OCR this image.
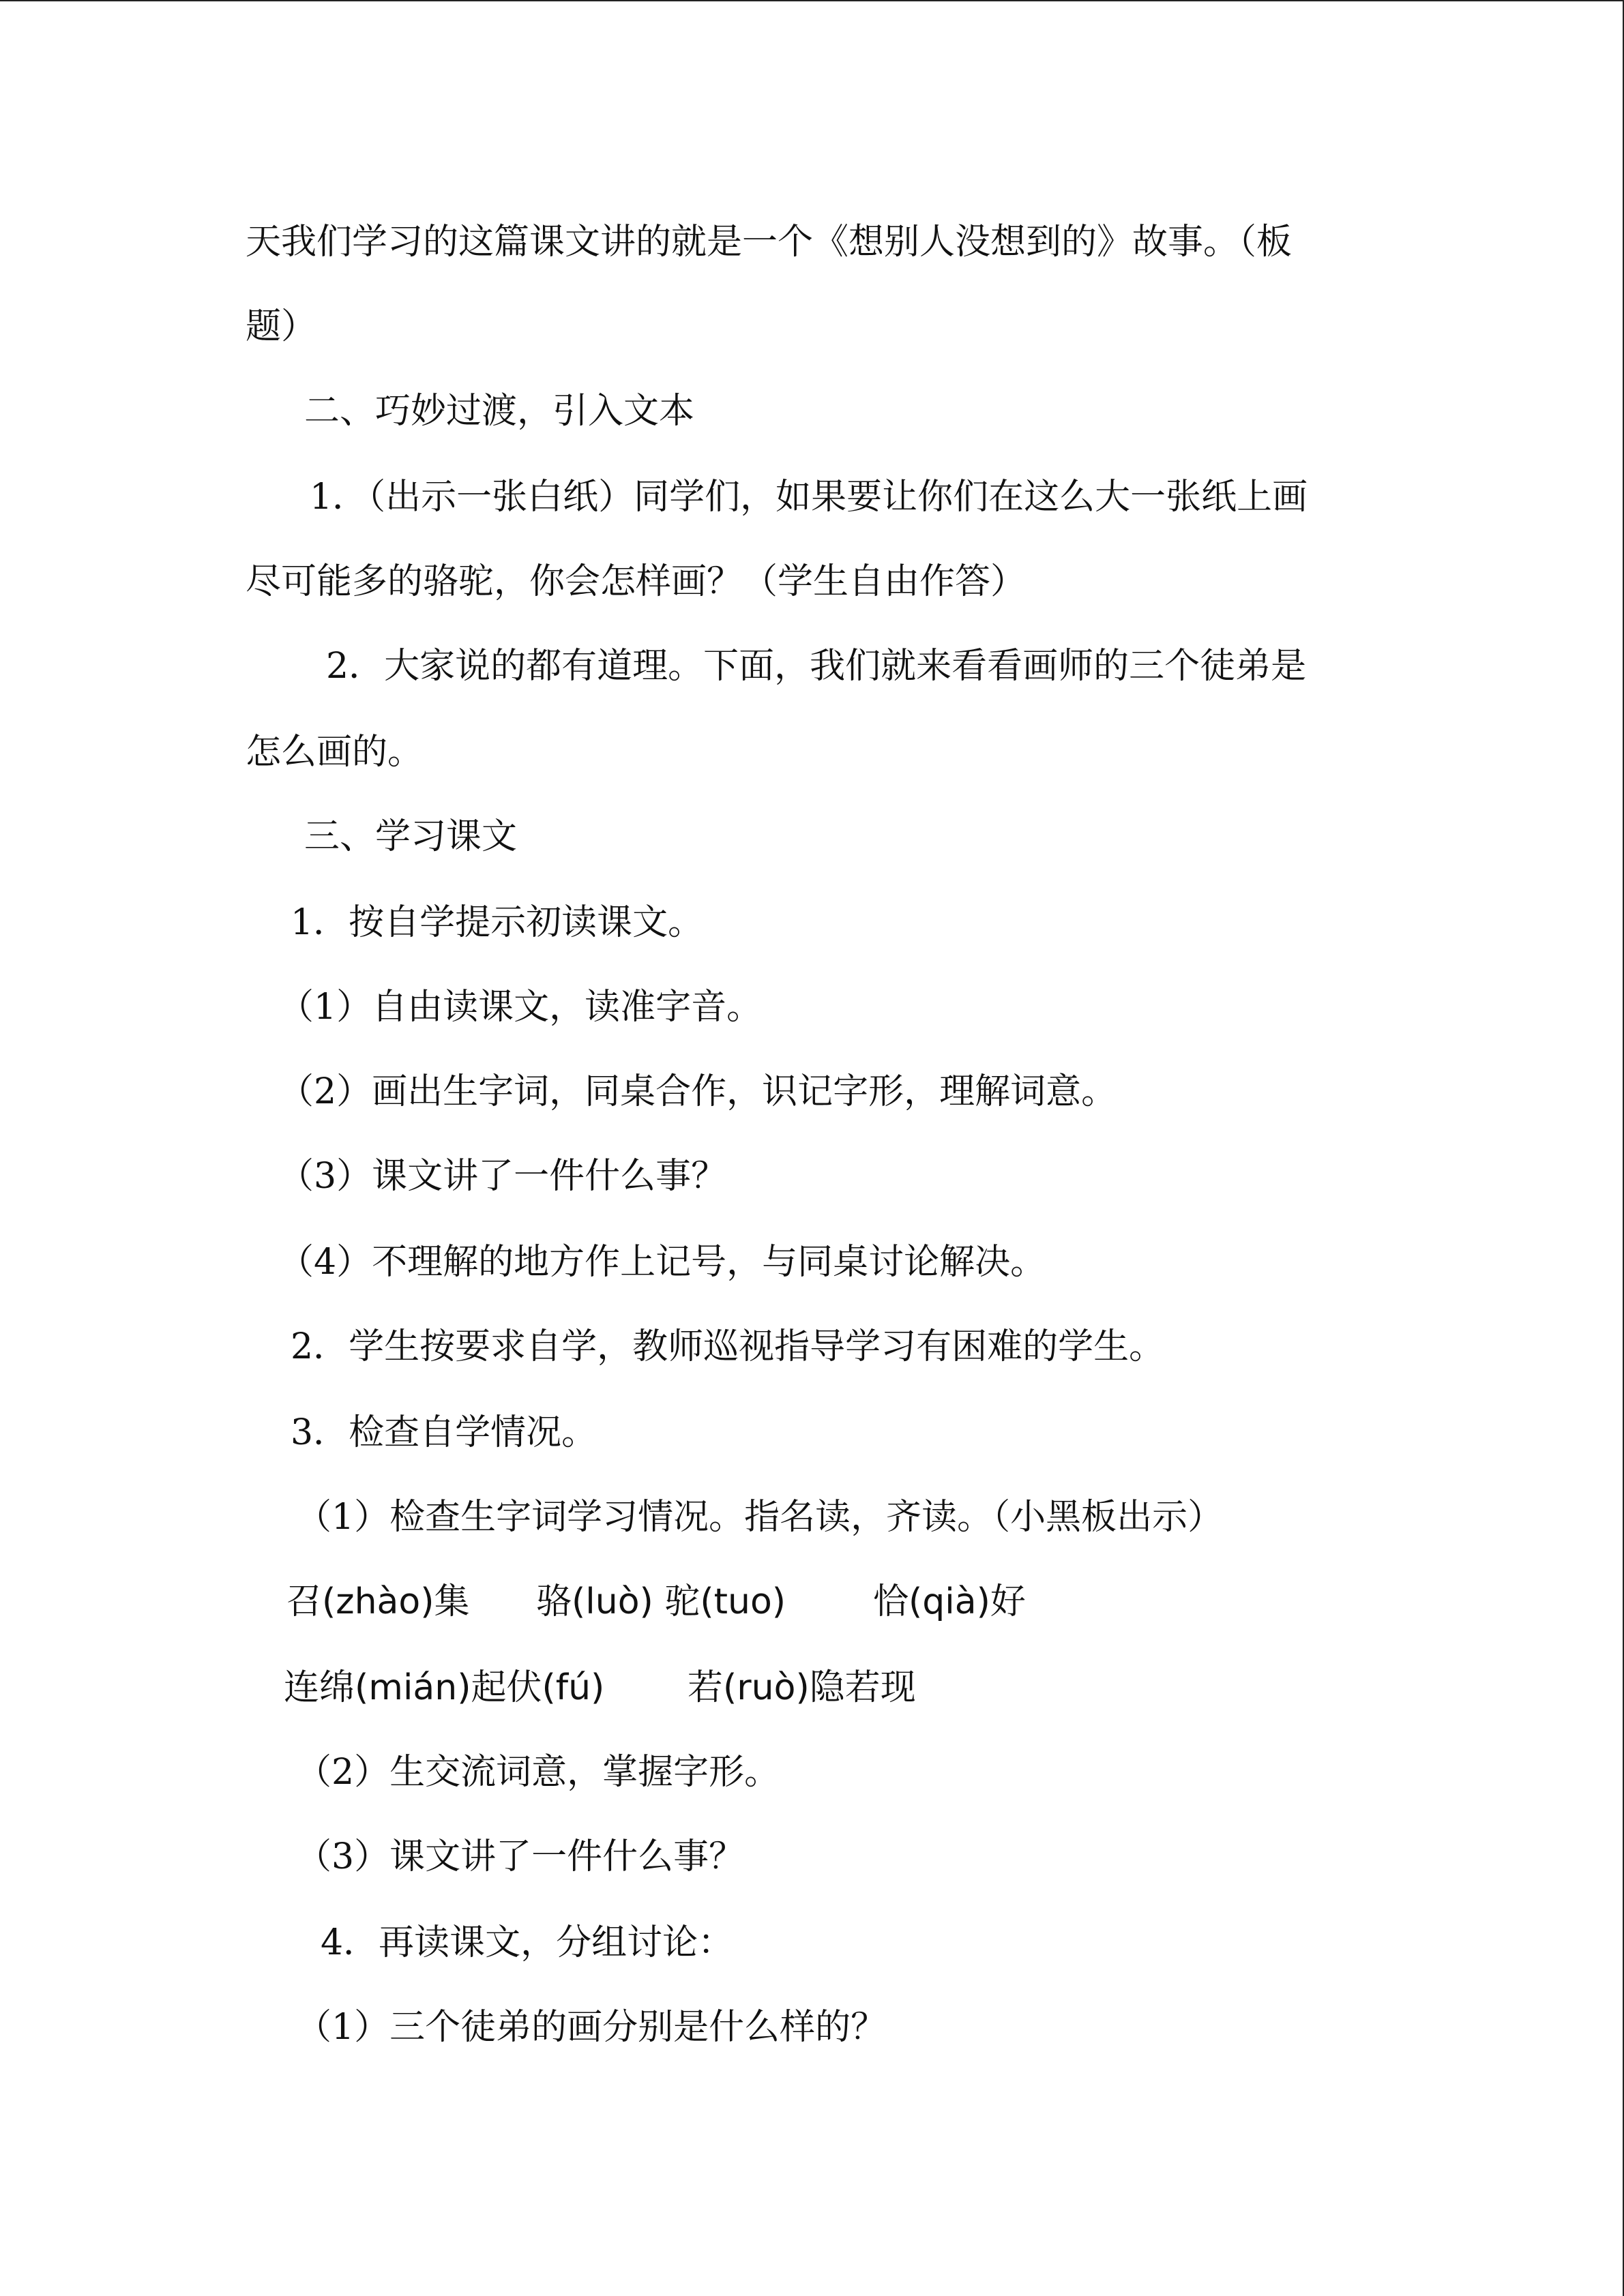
天我们学习的这篇课文讲的就是一个《想别人没想到的》故事。（板
题）
二、巧妙过渡，引入文本
1．（出示一张白纸）同学们，如果要让你们在这么大一张纸上画
尽可能多的骆驼，你会怎样画？（学生自由作答）
2．大家说的都有道理。下面，我们就来看看画师的三个徒弟是
怎么画的。
三、学习课文
1．按自学提示初读课文。
（1）自由读课文，读准字音。
（2）画出生字词，同桌合作，识记字形，理解词意。
（3）课文讲了一件什么事？
（4）不理解的地方作上记号，与同桌讨论解决。
2．学生按要求自学，教师巡视指导学习有困难的学生。
3．检查自学情况。
（1）检查生字词学习情况。指名读，齐读。（小黑板出示）
召(zhào)集 骆(luò) 驼(tuo) 恰(qià)好
连绵(mián)起伏(fú) 若(ruò)隐若现
（2）生交流词意，掌握字形。
（3）课文讲了一件什么事？
4．再读课文，分组讨论：
（1）三个徒弟的画分别是什么样的？
